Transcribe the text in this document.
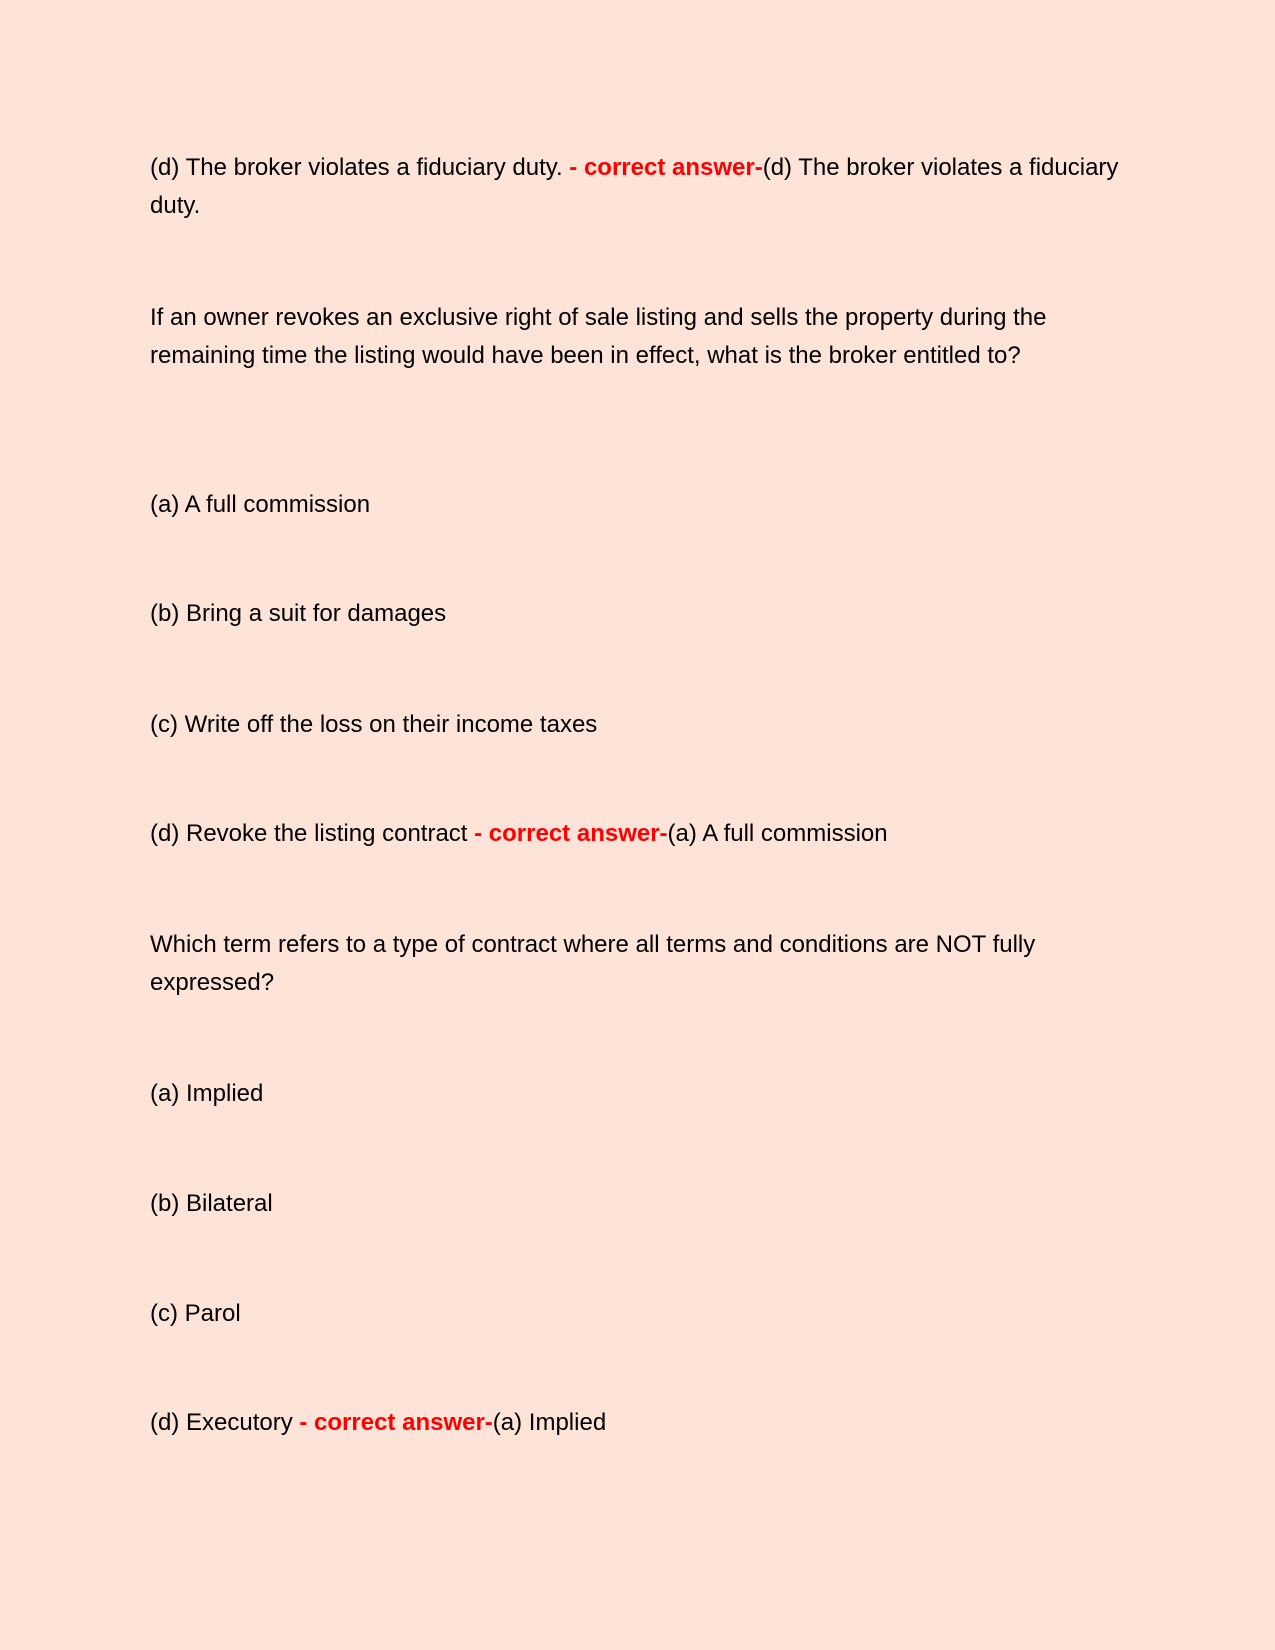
(d) The broker violates a fiduciary duty. - correct answer-(d) The broker violates a fiduciary duty.
If an owner revokes an exclusive right of sale listing and sells the property during the remaining time the listing would have been in effect, what is the broker entitled to?
(a) A full commission
(b) Bring a suit for damages
(c) Write off the loss on their income taxes
(d) Revoke the listing contract - correct answer-(a) A full commission
Which term refers to a type of contract where all terms and conditions are NOT fully expressed?
(a) Implied
(b) Bilateral
(c) Parol
(d) Executory - correct answer-(a) Implied
